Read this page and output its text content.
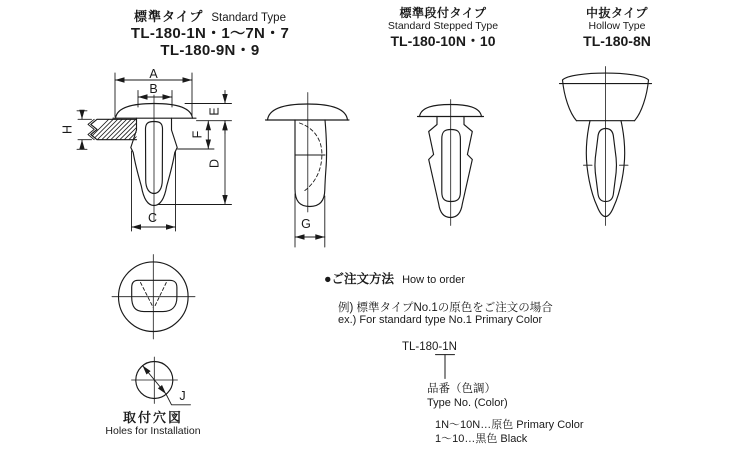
標準タイプ Standard Type
TL-180-1N・1〜7N・7
TL-180-9N・9
標準段付タイプ
Standard Stepped Type
TL-180-10N・10
中抜タイプ
Hollow Type
TL-180-8N
A
B
C
E
F
D
H
G
J
取付穴図
Holes for Installation
●ご注文方法 How to order
例) 標準タイプNo.1の原色をご注文の場合
ex.) For standard type No.1 Primary Color
TL-180-1N
品番（色調）
Type No. (Color)
1N〜10N…原色 Primary Color
1〜10…黒色 Black
